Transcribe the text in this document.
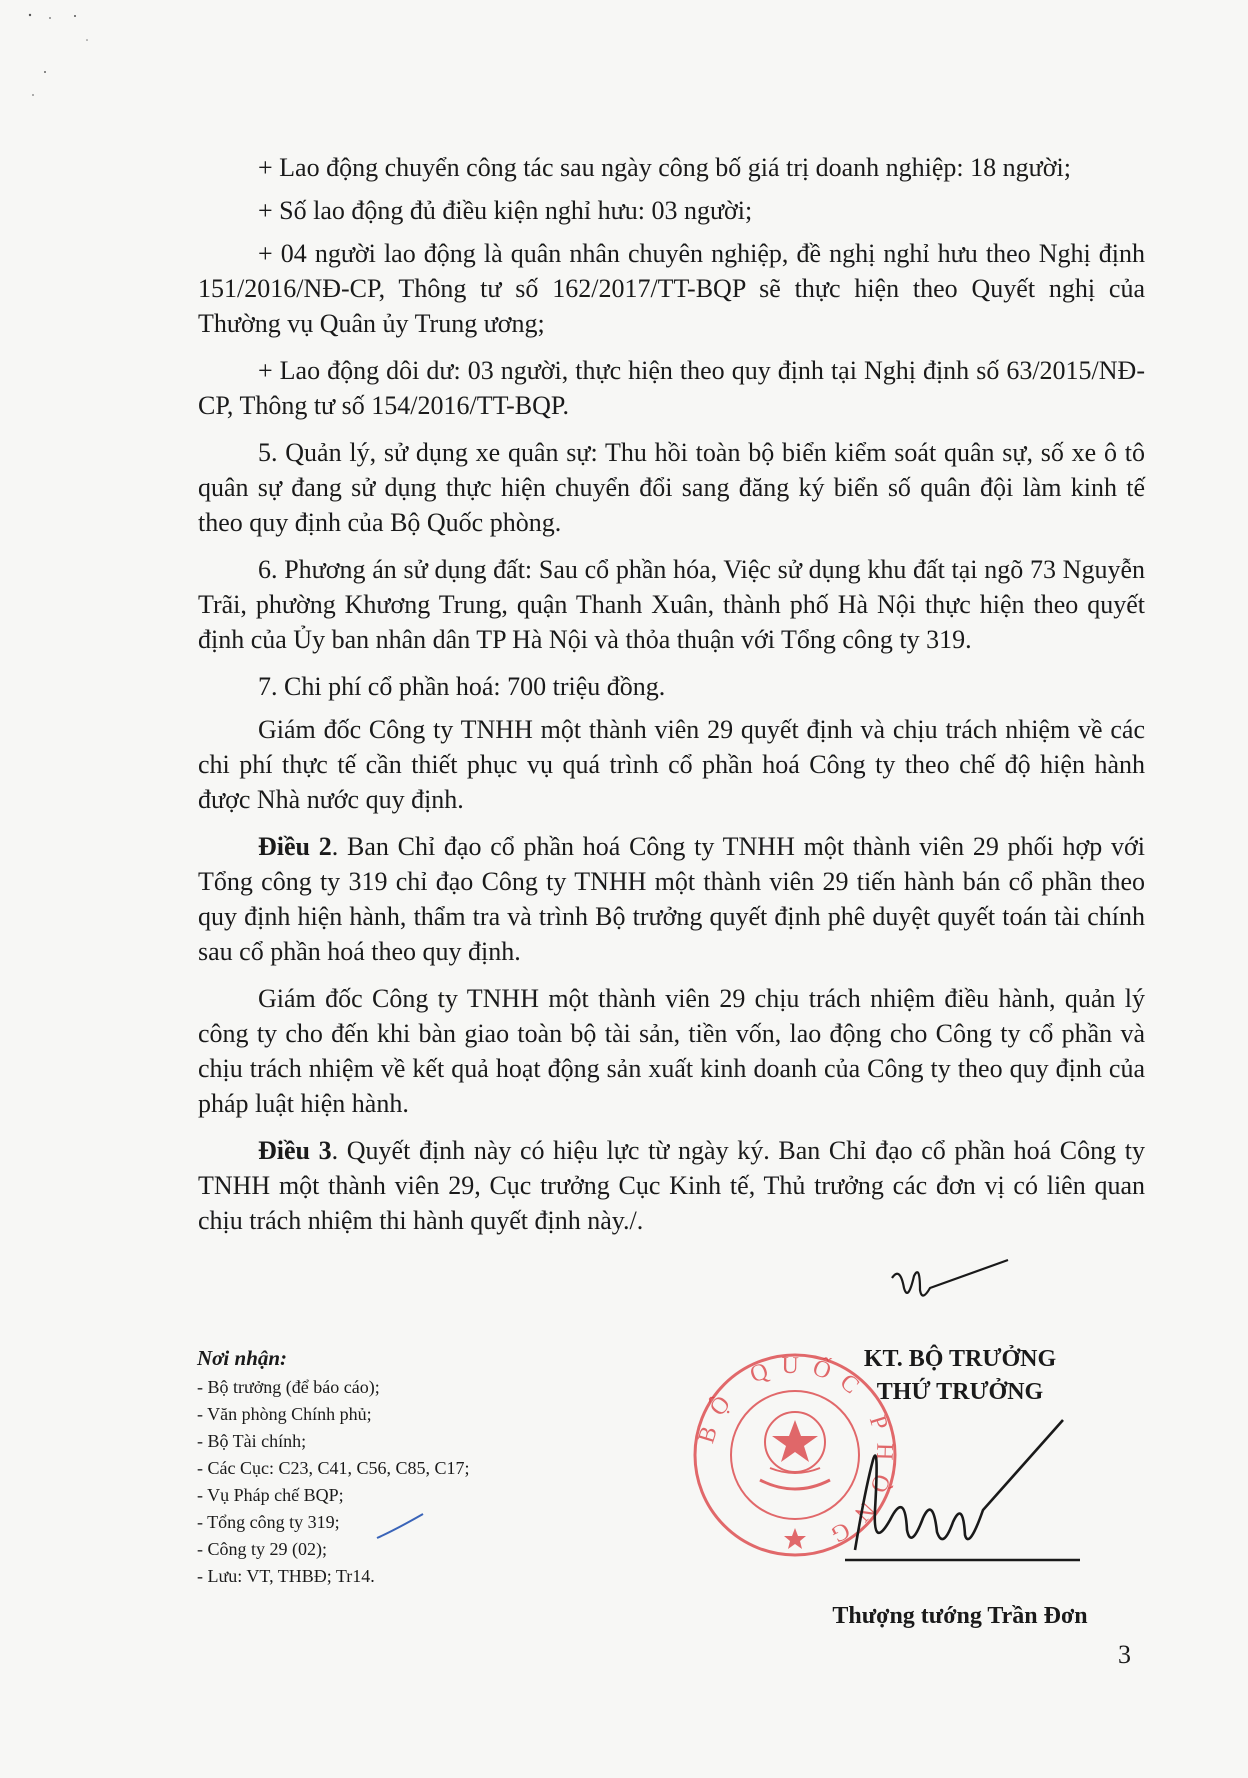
+ Lao động chuyển công tác sau ngày công bố giá trị doanh nghiệp: 18 người;

+ Số lao động đủ điều kiện nghỉ hưu: 03 người;

+ 04 người lao động là quân nhân chuyên nghiệp, đề nghị nghỉ hưu theo Nghị định 151/2016/NĐ-CP, Thông tư số 162/2017/TT-BQP sẽ thực hiện theo Quyết nghị của Thường vụ Quân ủy Trung ương;

+ Lao động dôi dư: 03 người, thực hiện theo quy định tại Nghị định số 63/2015/NĐ-CP, Thông tư số 154/2016/TT-BQP.

5. Quản lý, sử dụng xe quân sự: Thu hồi toàn bộ biển kiểm soát quân sự, số xe ô tô quân sự đang sử dụng thực hiện chuyển đổi sang đăng ký biển số quân đội làm kinh tế theo quy định của Bộ Quốc phòng.

6. Phương án sử dụng đất: Sau cổ phần hóa, Việc sử dụng khu đất tại ngõ 73 Nguyễn Trãi, phường Khương Trung, quận Thanh Xuân, thành phố Hà Nội thực hiện theo quyết định của Ủy ban nhân dân TP Hà Nội và thỏa thuận với Tổng công ty 319.

7. Chi phí cổ phần hoá: 700 triệu đồng.

Giám đốc Công ty TNHH một thành viên 29 quyết định và chịu trách nhiệm về các chi phí thực tế cần thiết phục vụ quá trình cổ phần hoá Công ty theo chế độ hiện hành được Nhà nước quy định.

Điều 2. Ban Chỉ đạo cổ phần hoá Công ty TNHH một thành viên 29 phối hợp với Tổng công ty 319 chỉ đạo Công ty TNHH một thành viên 29 tiến hành bán cổ phần theo quy định hiện hành, thẩm tra và trình Bộ trưởng quyết định phê duyệt quyết toán tài chính sau cổ phần hoá theo quy định.

Giám đốc Công ty TNHH một thành viên 29 chịu trách nhiệm điều hành, quản lý công ty cho đến khi bàn giao toàn bộ tài sản, tiền vốn, lao động cho Công ty cổ phần và chịu trách nhiệm về kết quả hoạt động sản xuất kinh doanh của Công ty theo quy định của pháp luật hiện hành.

Điều 3. Quyết định này có hiệu lực từ ngày ký. Ban Chỉ đạo cổ phần hoá Công ty TNHH một thành viên 29, Cục trưởng Cục Kinh tế, Thủ trưởng các đơn vị có liên quan chịu trách nhiệm thi hành quyết định này./.

Nơi nhận:
- Bộ trưởng (để báo cáo);
- Văn phòng Chính phủ;
- Bộ Tài chính;
- Các Cục: C23, C41, C56, C85, C17;
- Vụ Pháp chế BQP;
- Tổng công ty 319;
- Công ty 29 (02);
- Lưu: VT, THBĐ; Tr14.
BỘ QUỐC PHÒNG
KT. BỘ TRƯỞNG
THỨ TRƯỞNG
Thượng tướng Trần Đơn
3
